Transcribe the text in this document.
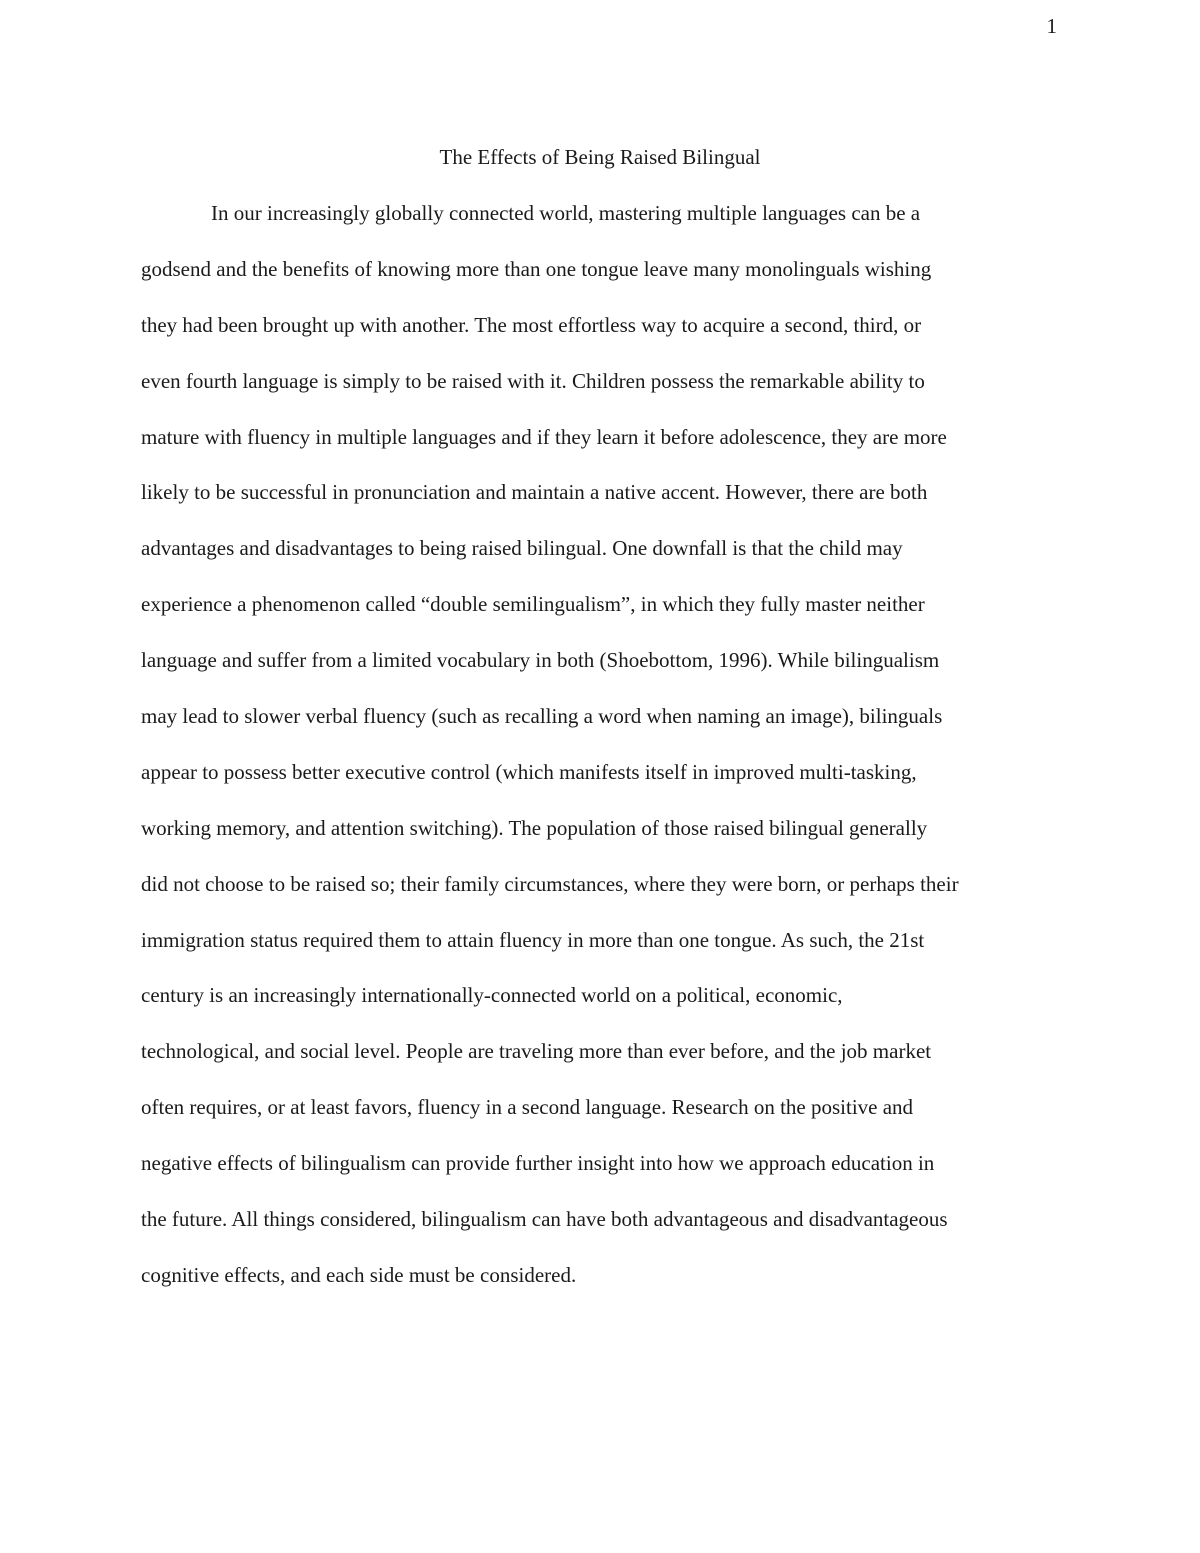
1
The Effects of Being Raised Bilingual
In our increasingly globally connected world, mastering multiple languages can be a
godsend and the benefits of knowing more than one tongue leave many monolinguals wishing
they had been brought up with another. The most effortless way to acquire a second, third, or
even fourth language is simply to be raised with it. Children possess the remarkable ability to
mature with fluency in multiple languages and if they learn it before adolescence, they are more
likely to be successful in pronunciation and maintain a native accent. However, there are both
advantages and disadvantages to being raised bilingual. One downfall is that the child may
experience a phenomenon called “double semilingualism”, in which they fully master neither
language and suffer from a limited vocabulary in both (Shoebottom, 1996). While bilingualism
may lead to slower verbal fluency (such as recalling a word when naming an image), bilinguals
appear to possess better executive control (which manifests itself in improved multi-tasking,
working memory, and attention switching). The population of those raised bilingual generally
did not choose to be raised so; their family circumstances, where they were born, or perhaps their
immigration status required them to attain fluency in more than one tongue. As such, the 21st
century is an increasingly internationally-connected world on a political, economic,
technological, and social level. People are traveling more than ever before, and the job market
often requires, or at least favors, fluency in a second language. Research on the positive and
negative effects of bilingualism can provide further insight into how we approach education in
the future. All things considered, bilingualism can have both advantageous and disadvantageous
cognitive effects, and each side must be considered.
